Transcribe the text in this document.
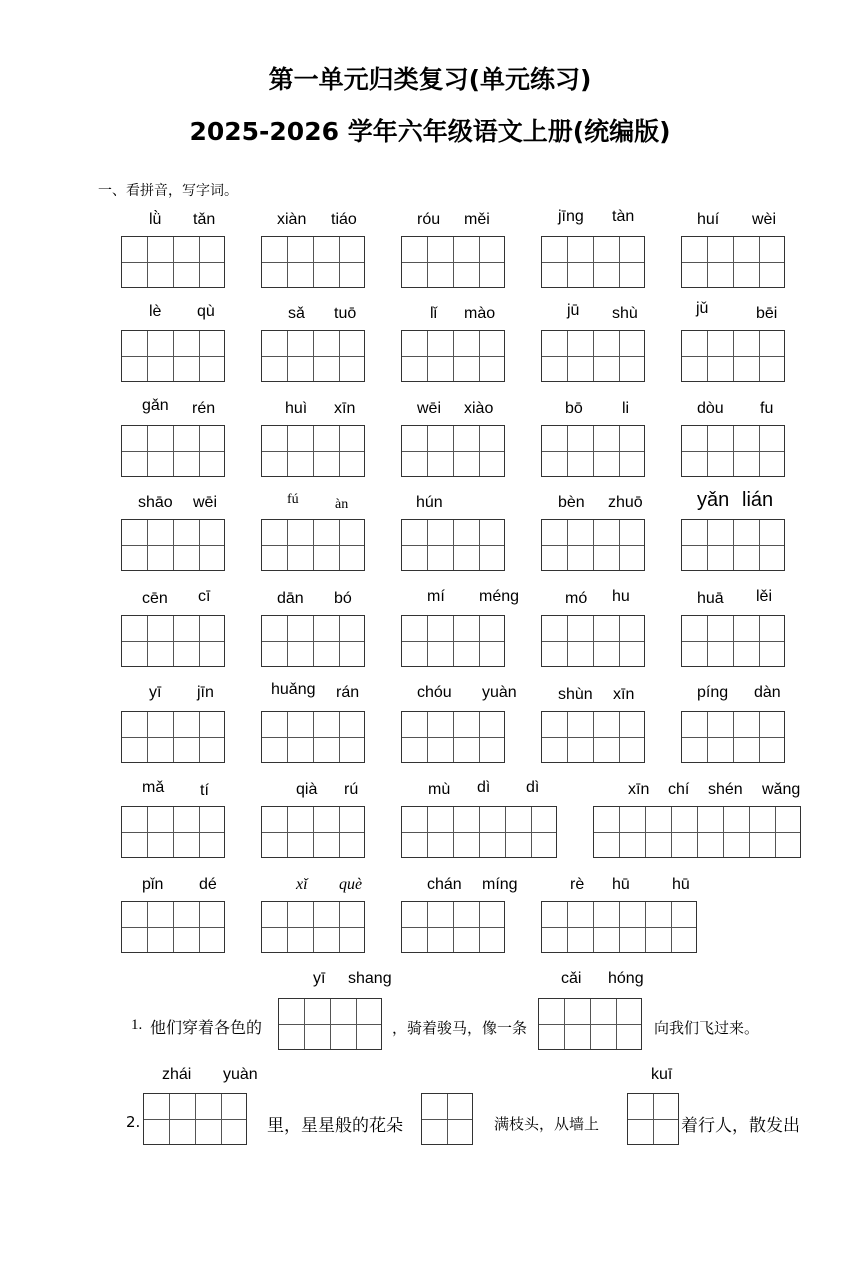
第一单元归类复习(单元练习)
2025-2026 学年六年级语文上册(统编版)
一、看拼音，写字词。
lǜ tǎn	xiàn tiáo	róu měi	jīng tàn	huí wèi
lè qù	sǎ tuō	lǐ mào	jū shù	jǔ	bēi
gǎn rén	huì xīn	wēi xiào	bō li	dòu fu
shāo wēi	fú	àn	hún	bèn zhuō	yǎn lián
cēn cī	dān bó	mí méng	mó hu	huā lěi
yī jīn	huǎng rán	chóu yuàn	shùn xīn	píng dàn
mǎ tí	qià rú	mù dì dì	xīn chí shén wǎng
pǐn dé	xǐ què	chán míng	rè hū	hū
1. 他们穿着各色的
yī shang
，骑着骏马，像一条
cǎi hóng
向我们飞过来。
2.
zhái yuàn
里，星星般的花朵	满枝头，从墙上
kuī
着行人，散发出
